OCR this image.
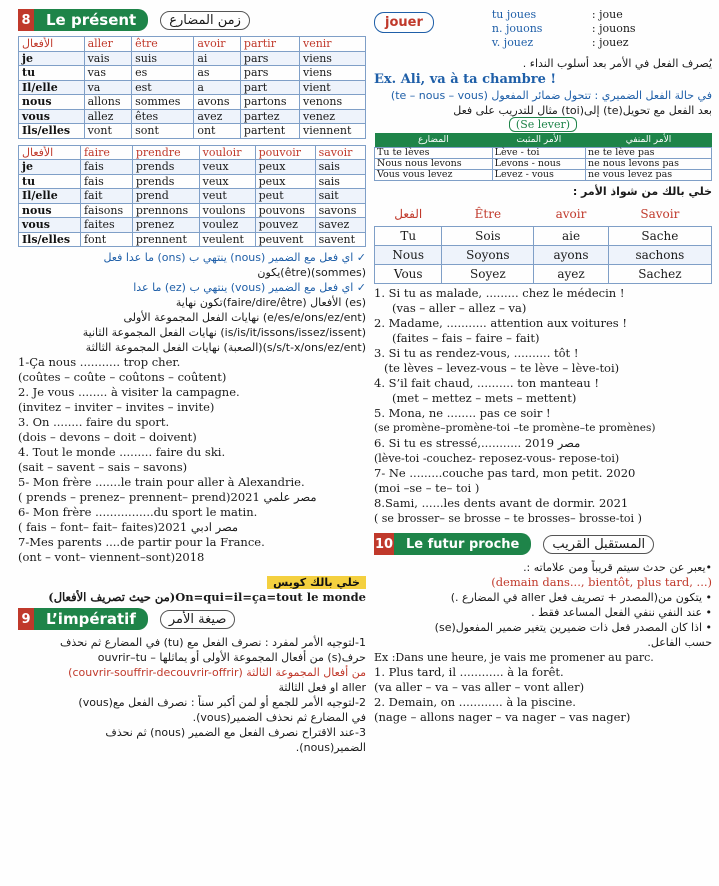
8	Le présent	زمن المضارع
الأفعال	aller	être	avoir	partir	venir
je	vais	suis	ai	pars	viens
tu	vas	es	as	pars	viens
Il/elle	va	est	a	part	vient
nous	allons	sommes	avons	partons	venons
vous	allez	êtes	avez	partez	venez
Ils/elles	vont	sont	ont	partent	viennent
الأفعال	faire	prendre	vouloir	pouvoir	savoir
je	fais	prends	veux	peux	sais
tu	fais	prends	veux	peux	sais
Il/elle	fait	prend	veut	peut	sait
nous	faisons	prennons	voulons	pouvons	savons
vous	faites	prenez	voulez	pouvez	savez
Ils/elles	font	prennent	veulent	peuvent	savent
✓ اي فعل مع الضمير (nous) ينتهي ب (ons) ما عدا فعل
(sommes)(être)يكون
✓ اي فعل مع الضمير (vous) ينتهي ب (ez) ما عدا
(es) الأفعال (faire/dire/être)تكون نهاية
(e/es/e/ons/ez/ent) نهايات الفعل المجموعة الأولى
(is/is/it/issons/issez/issent) نهايات الفعل المجموعة الثانية
(s/s/t-x/ons/ez/ent)(الصعبة) نهايات الفعل المجموعة الثالثة
1-Ça nous ........... trop cher.
(coûtes – coûte – coûtons – coûtent)
2. Je vous ........ à visiter la campagne.
(invitez – inviter – invites – invite)
3. On ........ faire du sport.
(dois – devons – doit – doivent)
4. Tout le monde ......... faire du ski.
(sait – savent – sais – savons)
5- Mon frère .......le train pour aller à Alexandrie.
( prends – prenez– prennent– prend)2021 مصر علمي
6- Mon frère ................du sport le matin.
( fais – font– fait– faites)2021 مصر ادبي
7-Mes parents ....de partir pour la France.
(ont – vont– viennent–sont)2018
خلي بالك كويس
(من حيث تصريف الأفعال)On=qui=il=ça=tout le monde
9	L’impératif	صيغة الأمر
1-لتوجيه الأمر لمفرد : نصرف الفعل مع (tu) في المضارع ثم نحذف
حرف(s) من أفعال المجموعة الأولى أو يماثلها – ouvrir–tu
من أفعال المجموعة الثالثة (couvrir-souffrir-decouvrir-offrir)
aller او فعل الثالثة
2-لتوجيه الأمر للجمع أو لمن أكبر سناً : نصرف الفعل مع(vous)
في المضارع ثم نحذف الضمير(vous).
3-عند الاقتراح نصرف الفعل مع الضمير (nous) ثم نحذف
الضمير(nous).
jouer
tu joues	: joue
n. jouons	: jouons
v. jouez	: jouez
يُصرف الفعل في الأمر بعد أسلوب النداء .
Ex. Ali, va à ta chambre !
في حالة الفعل الضميري : تتحول ضمائر المفعول (te – nous – vous)
بعد الفعل مع تحويل(te) إلى(toi) مثال للتدريب على فعل
(Se lever)
المضارع	الأمر المثبت	الأمر المنفي
Tu te lèves	Lève - toi	ne te lève pas
Nous nous levons	Levons - nous	ne nous levons pas
Vous vous levez	Levez - vous	ne vous levez pas
خلي بالك من شواذ الأمر :
الفعل	Être	avoir	Savoir
Tu	Sois	aie	Sache
Nous	Soyons	ayons	sachons
Vous	Soyez	ayez	Sachez
1. Si tu as malade, ......... chez le médecin !
(vas – aller – allez – va)
2. Madame, ........... attention aux voitures !
(faites – fais – faire – fait)
3. Si tu as rendez-vous, .......... tôt !
(te lèves – levez-vous – te lève – lève-toi)
4. S’il fait chaud, .......... ton manteau !
(met – mettez – mets – mettent)
5. Mona, ne ........ pas ce soir !
(se promène–promène-toi –te promène–te promènes)
6. Si tu es stressé,........... 2019 مصر
(lève-toi -couchez- reposez-vous- repose-toi)
7- Ne .........couche pas tard, mon petit. 2020
(moi –se – te– toi )
8.Sami, ......les dents avant de dormir. 2021
( se brosser– se brosse – te brosses– brosse-toi )
10 Le futur proche	المستقبل القريب
•يعبر عن حدث سيتم قريباً ومن علاماته :.
(demain dans..., bientôt, plus tard, ...)
• يتكون من(المصدر + تصريف فعل aller في المضارع .)
• عند النفي ننفي الفعل المساعد فقط .
• اذا كان المصدر فعل ذات ضميرين يتغير ضمير المفعول(se)
حسب الفاعل.
Ex :Dans une heure, je vais me promener au parc.
1. Plus tard, il ............ à la forêt.
(va aller – va – vas aller – vont aller)
2. Demain, on ............ à la piscine.
(nage – allons nager – va nager – vas nager)
